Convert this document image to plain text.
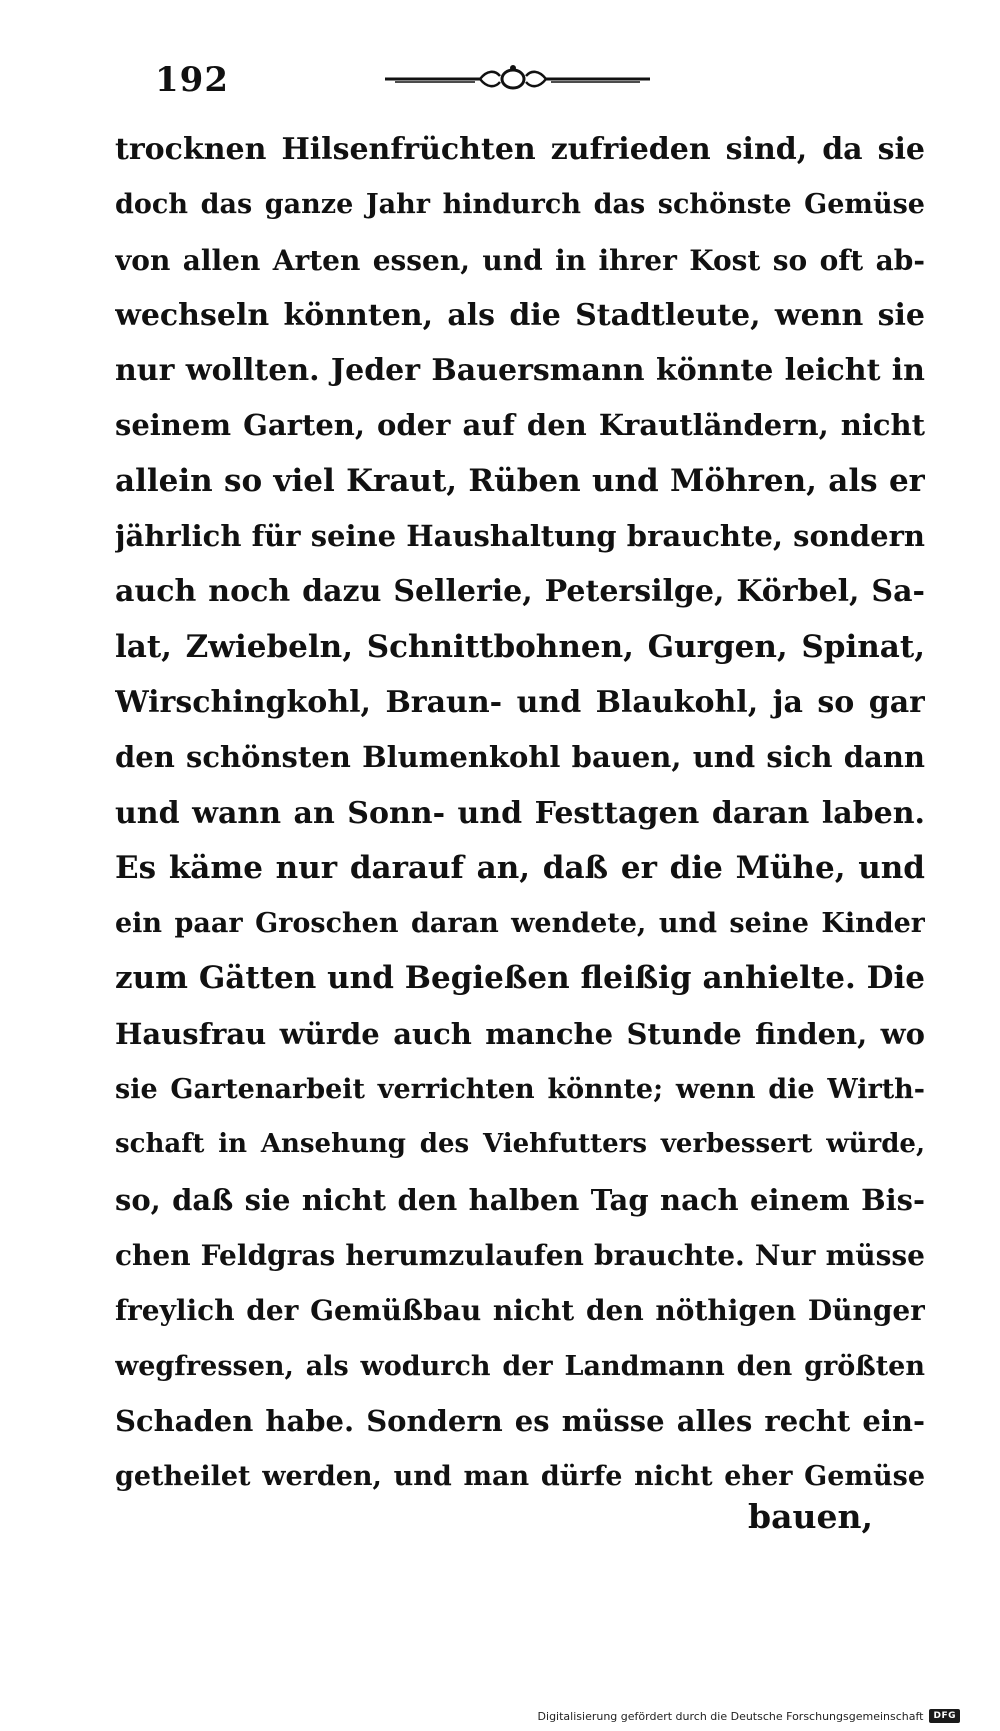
192
trocknen Hilsenfrüchten zufrieden sind, da sie
doch das ganze Jahr hindurch das schönste Gemüse
von allen Arten essen, und in ihrer Kost so oft ab-
wechseln könnten, als die Stadtleute, wenn sie
nur wollten. Jeder Bauersmann könnte leicht in
seinem Garten, oder auf den Krautländern, nicht
allein so viel Kraut, Rüben und Möhren, als er
jährlich für seine Haushaltung brauchte, sondern
auch noch dazu Sellerie, Petersilge, Körbel, Sa-
lat, Zwiebeln, Schnittbohnen, Gurgen, Spinat,
Wirschingkohl, Braun- und Blaukohl, ja so gar
den schönsten Blumenkohl bauen, und sich dann
und wann an Sonn- und Festtagen daran laben.
Es käme nur darauf an, daß er die Mühe, und
ein paar Groschen daran wendete, und seine Kinder
zum Gätten und Begießen fleißig anhielte. Die
Hausfrau würde auch manche Stunde finden, wo
sie Gartenarbeit verrichten könnte; wenn die Wirth-
schaft in Ansehung des Viehfutters verbessert würde,
so, daß sie nicht den halben Tag nach einem Bis-
chen Feldgras herumzulaufen brauchte. Nur müsse
freylich der Gemüßbau nicht den nöthigen Dünger
wegfressen, als wodurch der Landmann den größten
Schaden habe. Sondern es müsse alles recht ein-
getheilet werden, und man dürfe nicht eher Gemüse
bauen,
Digitalisierung gefördert durch die Deutsche Forschungsgemeinschaft	DFG
